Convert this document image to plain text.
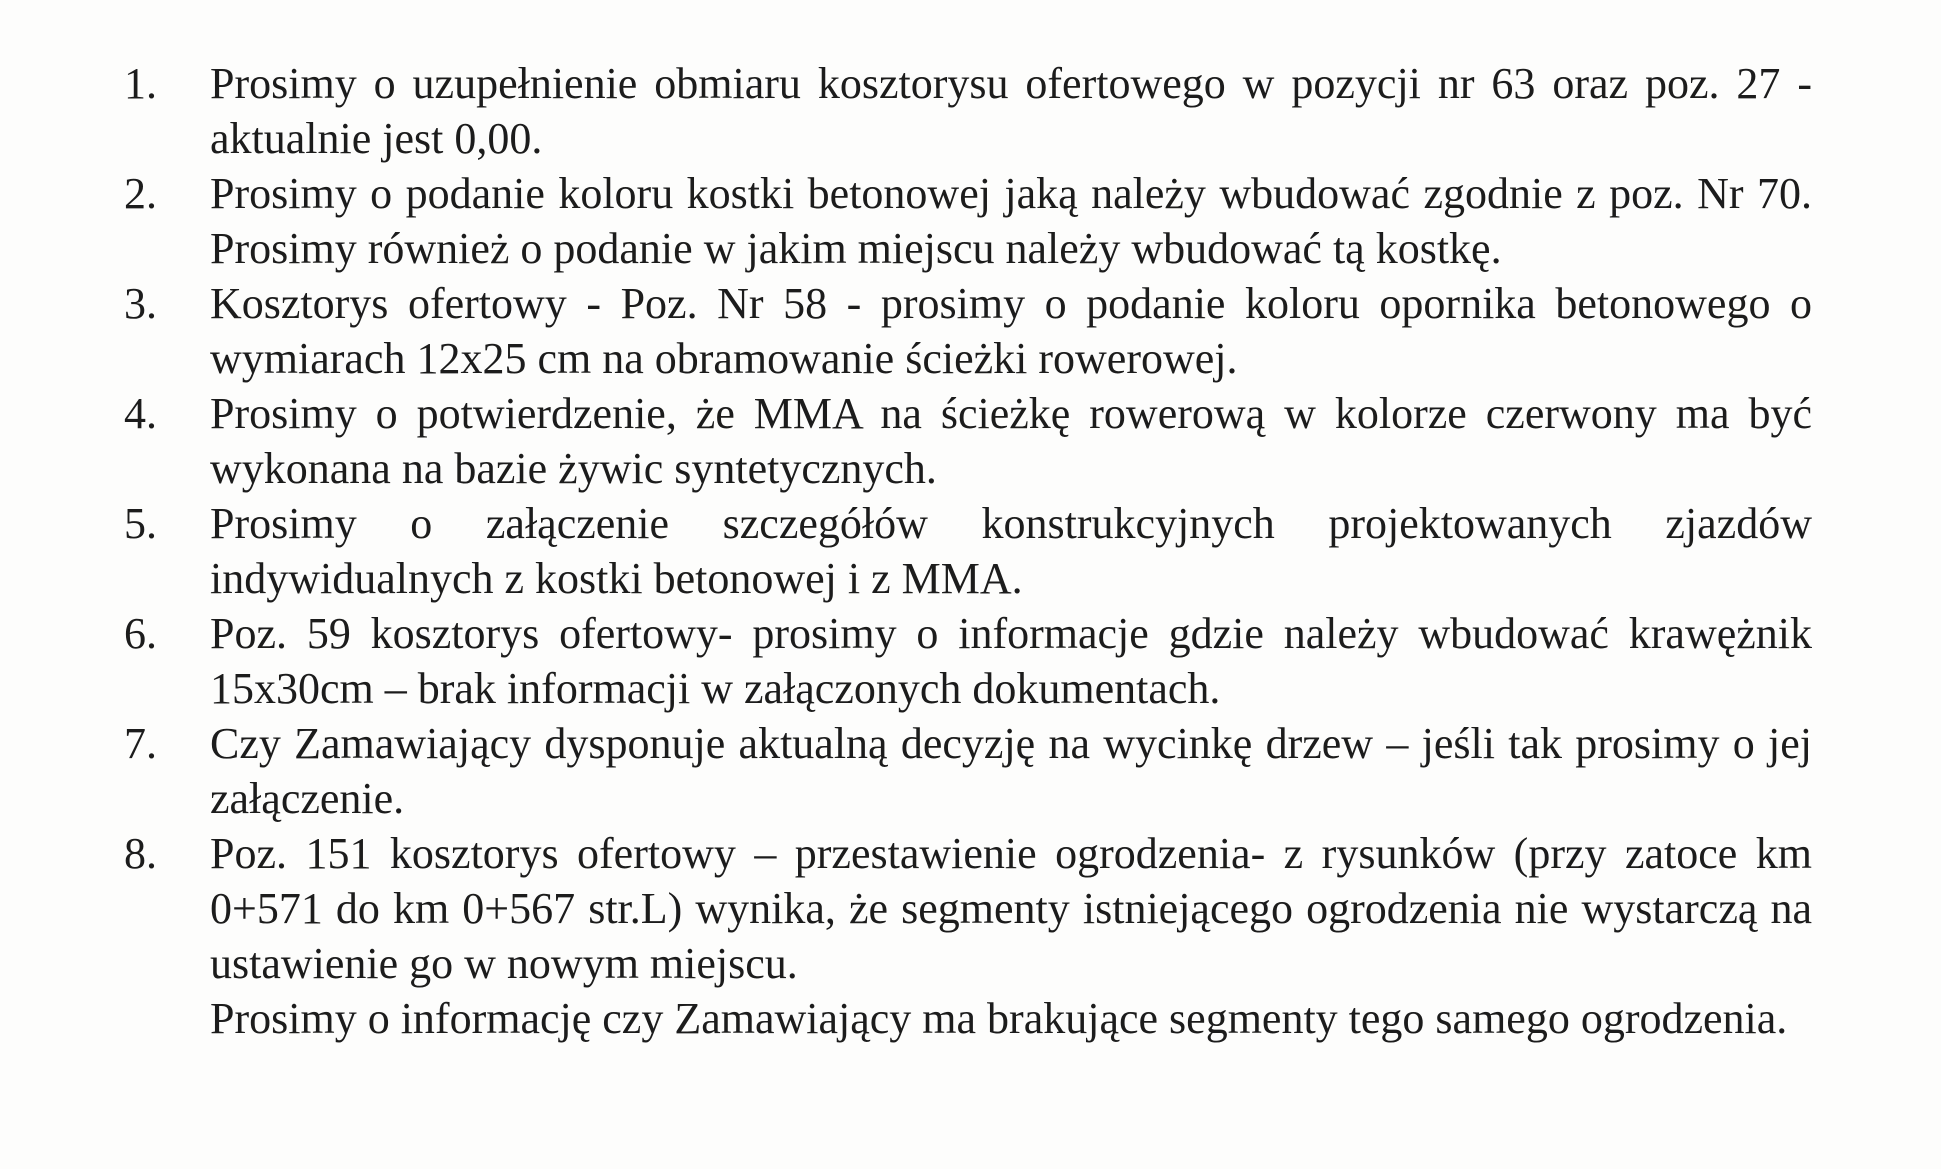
1.	Prosimy o uzupełnienie obmiaru kosztorysu ofertowego w pozycji nr 63 oraz poz. 27 - aktualnie jest 0,00.
2.	Prosimy o podanie koloru kostki betonowej jaką należy wbudować zgodnie z poz. Nr 70. Prosimy również o podanie w jakim miejscu należy wbudować tą kostkę.
3.	Kosztorys ofertowy - Poz. Nr 58 - prosimy o podanie koloru opornika betonowego o wymiarach 12x25 cm na obramowanie ścieżki rowerowej.
4.	Prosimy o potwierdzenie, że MMA na ścieżkę rowerową w kolorze czerwony ma być wykonana na bazie żywic syntetycznych.
5.	Prosimy o załączenie szczegółów konstrukcyjnych projektowanych zjazdów indywidualnych z kostki betonowej i z MMA.
6.	Poz. 59 kosztorys ofertowy- prosimy o informacje gdzie należy wbudować krawężnik 15x30cm – brak informacji w załączonych dokumentach.
7.	Czy Zamawiający dysponuje aktualną decyzję na wycinkę drzew – jeśli tak prosimy o jej załączenie.
8.	Poz. 151 kosztorys ofertowy – przestawienie ogrodzenia- z rysunków (przy zatoce km 0+571 do km 0+567 str.L) wynika, że segmenty istniejącego ogrodzenia nie wystarczą na ustawienie go w nowym miejscu.
Prosimy o informację czy Zamawiający ma brakujące segmenty tego samego ogrodzenia.
